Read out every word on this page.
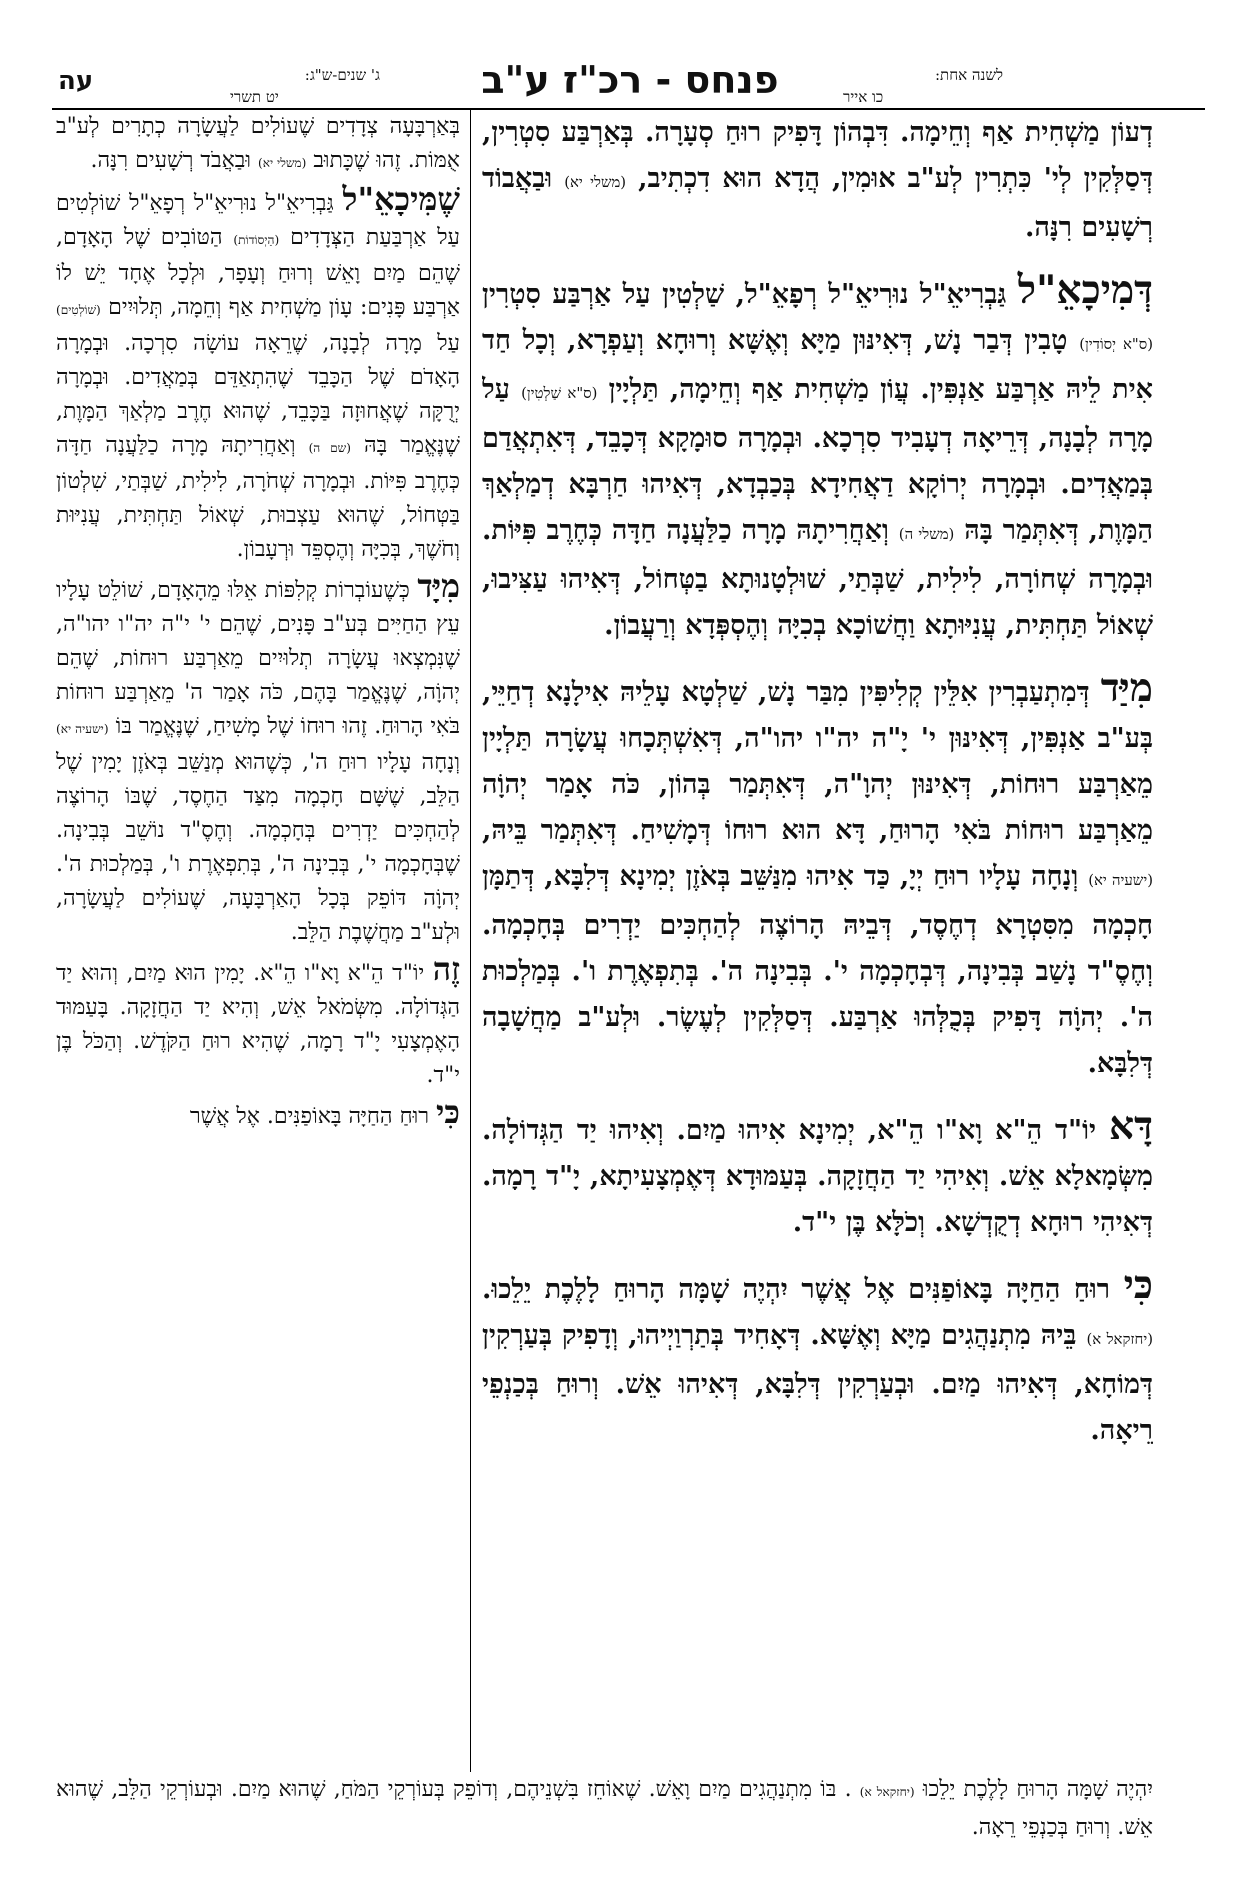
לשנה אחת:
כו אייר
פנחס - רכ"ז ע"ב
ג' שנים-ש"ג:
יט תשרי
עה

דְעוֹן מַשְׁחִית אַף וְחֵימָה. דִּבְהוֹן דָּפִיק רוּחַ סְעָרָה. בְּאַרְבַּע סִטְרִין, דְּסַלְּקִין לְי' כִּתְרִין לְע"ב אוּמִין, הֲדָא הוּא דִכְתִיב, (משלי יא) וּבַאֲבוֹד רְשָׁעִים רִנָּה.

דְּמִיכָאֵ"ל גַּבְרִיאֵ"ל נוּרִיאֵ"ל רְפָאֵ"ל, שַׁלְטִין עַל אַרְבַּע סִטְרִין (ס"א יְסוֹדִין) טָבִין דְּבַר נָשׁ, דְּאִינּוּן מַיָּא וְאֶשָּׁא וְרוּחָא וְעַפְרָא, וְכָל חַד אִית לֵיהּ אַרְבַּע אַנְפִּין. עֲוֹן מַשְׁחִית אַף וְחֵימָה, תַּלְיָין (ס"א שַׁלְטִין) עַל מָרָה לְבָנָה, דְּרֵיאָה דְעָבִיד סִרְכָא. וּבְמָרָה סוּמָקָא דְּכָבֵד, דְּאִתְאֲדַם בְּמַאֲדִים. וּבְמָרָה יְרוֹקָא דַאֲחִידָא בְּכַבְדָא, דְּאִיהוּ חַרְבָּא דְמַלְאַךְ הַמָּוֶת, דְּאִתְּמַר בָּהּ (משלי ה) וְאַחֲרִיתָהּ מָרָה כַלַּעֲנָה חַדָּה כְּחֶרֶב פִּיּוֹת. וּבְמָרָה שְׁחוֹרָה, לִילִית, שַׁבְּתַי, שׁוּלְטָנוּתָא בַטְּחוֹל, דְּאִיהוּ עַצִּיבוּ, שְׁאוֹל תַּחְתִּית, עֲנִיּוּתָא וַחֲשׁוֹכָא בְכִיָּה וְהֶסְפְּדָא וְרַעֲבוֹן.

מִיַּד דְּמִתְעַבְרִין אִלֵּין קְלִיפִּין מִבַּר נָשׁ, שַׁלְטָא עָלֵיהּ אִילָנָא דְחַיֵּי, בְּע"ב אַנְפִּין, דְּאִינּוּן י' יָ"ה יה"ו יהו"ה, דְּאִשְׁתְּכָחוּ עֲשָׂרָה תַּלְיָין מֵאַרְבַּע רוּחוֹת, דְּאִינּוּן יְהוָ"ה, דְּאִתְּמַר בְּהוֹן, כֹּה אָמַר יְהוָֹה מֵאַרְבַּע רוּחוֹת בֹּאִי הָרוּחַ, דָּא הוּא רוּחוֹ דְּמָשִׁיחַ. דְּאִתְּמַר בֵּיהּ, (ישעיה יא) וְנָחָה עָלָיו רוּחַ יְיָ, כַּד אִיהוּ מִנַּשֵּׁב בְּאֹזֶן יְמִינָא דְּלִבָּא, דְּתַמָּן חָכְמָה מִסִּטְרָא דְחֶסֶד, דְּבֵיהּ הָרוֹצֶה לְהַחְכִּים יַדְרִים בְּחָכְמָה. וְחֶסֶ"ד נָשַׁב בְּבִינָה, דְּבְחָכְמָה י'. בְּבִינָה ה'. בְּתִפְאֶרֶת ו'. בְּמַלְכוּת ה'. יְהוָֹה דָּפִיק בְּכֻלְּהוּ אַרְבַּע. דְּסַלְּקִין לְעֶשֶׂר. וּלְע"ב מַחֲשָׁבָה דְּלִבָּא.

דָּא יוֹ"ד הֵ"א וָא"ו הֵ"א, יְמִינָא אִיהוּ מַיִם. וְאִיהוּ יַד הַגְּדוֹלָה. מִשְּׂמָאלָא אֵשׁ. וְאִיהִי יַד הַחֲזָקָה. בְּעַמּוּדָא דְּאֶמְצָעִיתָא, יָ"ד רָמָה. דְּאִיהִי רוּחָא דְקֻדְשָׁא. וְכֹלָּא בֶּן י"ד.

כִּי רוּחַ הַחַיָּה בָּאוֹפַנִּים אֶל אֲשֶׁר יִהְיֶה שָׁמָּה הָרוּחַ לָלֶכֶת יֵלֵכוּ. (יחזקאל א) בֵּיהּ מִתְנַהֲגִים מַיָּא וְאֶשָּׁא. דְּאָחִיד בְּתַרְוַיְיהוּ, וְדָפִיק בְּעַרְקִין דְּמוֹחָא, דְּאִיהוּ מַיִם. וּבְעַרְקִין דְּלִבָּא, דְּאִיהוּ אֵשׁ. וְרוּחַ בְּכַנְפֵי רֵיאָה.

בְּאַרְבָּעָה צְדָדִים שֶׁעוֹלִים לַעֲשָׂרָה כְתָרִים לְע"ב אֻמּוֹת. זֶהוּ שֶׁכָּתוּב (משלי יא) וּבַאֲבֹד רְשָׁעִים רִנָּה.

שֶׁמִּיכָאֵ"ל גַּבְרִיאֵ"ל נוּרִיאֵ"ל רְפָאֵ"ל שׁוֹלְטִים עַל אַרְבַּעַת הַצְּדָדִים (הַיְסוֹדוֹת) הַטּוֹבִים שֶׁל הָאָדָם, שֶׁהֵם מַיִם וָאֵשׁ וְרוּחַ וְעָפָר, וּלְכָל אֶחָד יֵשׁ לוֹ אַרְבַּע פָּנִים: עָוֹן מַשְׁחִית אַף וְחֵמָה, תְּלוּיִים (שׁוֹלְטִים) עַל מָרָה לְבָנָה, שֶׁרֵאָה עוֹשָׂה סִרְכָה. וּבְמָרָה הָאָדֹם שֶׁל הַכָּבֵד שֶׁהִתְאַדֵּם בְּמַאֲדִים. וּבְמָרָה יְרֻקָּה שֶׁאֲחוּזָה בַּכָּבֵד, שֶׁהוּא חֶרֶב מַלְאַךְ הַמָּוֶת, שֶׁנֶּאֱמַר בָּהּ (שם ה) וְאַחֲרִיתָהּ מָרָה כַלַּעֲנָה חַדָּה כְּחֶרֶב פִּיּוֹת. וּבְמָרָה שְׁחֹרָה, לִילִית, שַׁבְּתַי, שִׁלְטוֹן בַּטְּחוֹל, שֶׁהוּא עַצְבוּת, שְׁאוֹל תַּחְתִּית, עֲנִיּוּת וְחֹשֶׁךְ, בְּכִיָּה וְהֶסְפֵּד וּרְעָבוֹן.

מִיָּד כְּשֶׁעוֹבְרוֹת קְלִפּוֹת אֵלּוּ מֵהָאָדָם, שׁוֹלֵט עָלָיו עֵץ הַחַיִּים בְּע"ב פָּנִים, שֶׁהֵם י' י"ה יה"ו יהו"ה, שֶׁנִּמְצְאוּ עֲשָׂרָה תְלוּיִים מֵאַרְבַּע רוּחוֹת, שֶׁהֵם יְהוָֹה, שֶׁנֶּאֱמַר בָּהֶם, כֹּה אָמַר ה' מֵאַרְבַּע רוּחוֹת בֹּאִי הָרוּחַ. זֶהוּ רוּחוֹ שֶׁל מָשִׁיחַ, שֶׁנֶּאֱמַר בּוֹ (ישעיה יא) וְנָחָה עָלָיו רוּחַ ה', כְּשֶׁהוּא מְנַשֵּׁב בְּאֹזֶן יָמִין שֶׁל הַלֵּב, שֶׁשָּׁם חָכְמָה מִצַּד הַחֶסֶד, שֶׁבּוֹ הָרוֹצֶה לְהַחְכִּים יַדְרִים בְּחָכְמָה. וְחֶסֶ"ד נוֹשֵׁב בְּבִינָה. שֶׁבְּחָכְמָה י', בְּבִינָה ה', בְּתִפְאֶרֶת ו', בְּמַלְכוּת ה'. יְהוָֹה דּוֹפֵק בְּכָל הָאַרְבָּעָה, שֶׁעוֹלִים לַעֲשָׂרָה, וּלְע"ב מַחֲשֶׁבֶת הַלֵּב.

זֶה יוֹ"ד הֵ"א וָא"ו הֵ"א. יָמִין הוּא מַיִם, וְהוּא יַד הַגְּדוֹלָה. מִשְּׂמֹאל אֵשׁ, וְהִיא יַד הַחֲזָקָה. בָּעַמּוּד הָאֶמְצָעִי יָ"ד רָמָה, שֶׁהִיא רוּחַ הַקֹּדֶשׁ. וְהַכֹּל בֶּן י"ד.

כִּי רוּחַ הַחַיָּה בָּאוֹפַנִּים. אֶל אֲשֶׁר

יִהְיֶה שָׁמָּה הָרוּחַ לָלֶכֶת יֵלֵכוּ (יחזקאל א) . בּוֹ מִתְנַהֲגִים מַיִם וָאֵשׁ. שֶׁאוֹחֵז בִּשְׁנֵיהֶם, וְדוֹפֵק בְּעוֹרְקֵי הַמֹּחַ, שֶׁהוּא מַיִם. וּבְעוֹרְקֵי הַלֵּב, שֶׁהוּא אֵשׁ. וְרוּחַ בְּכַנְפֵי רֵאָה.
